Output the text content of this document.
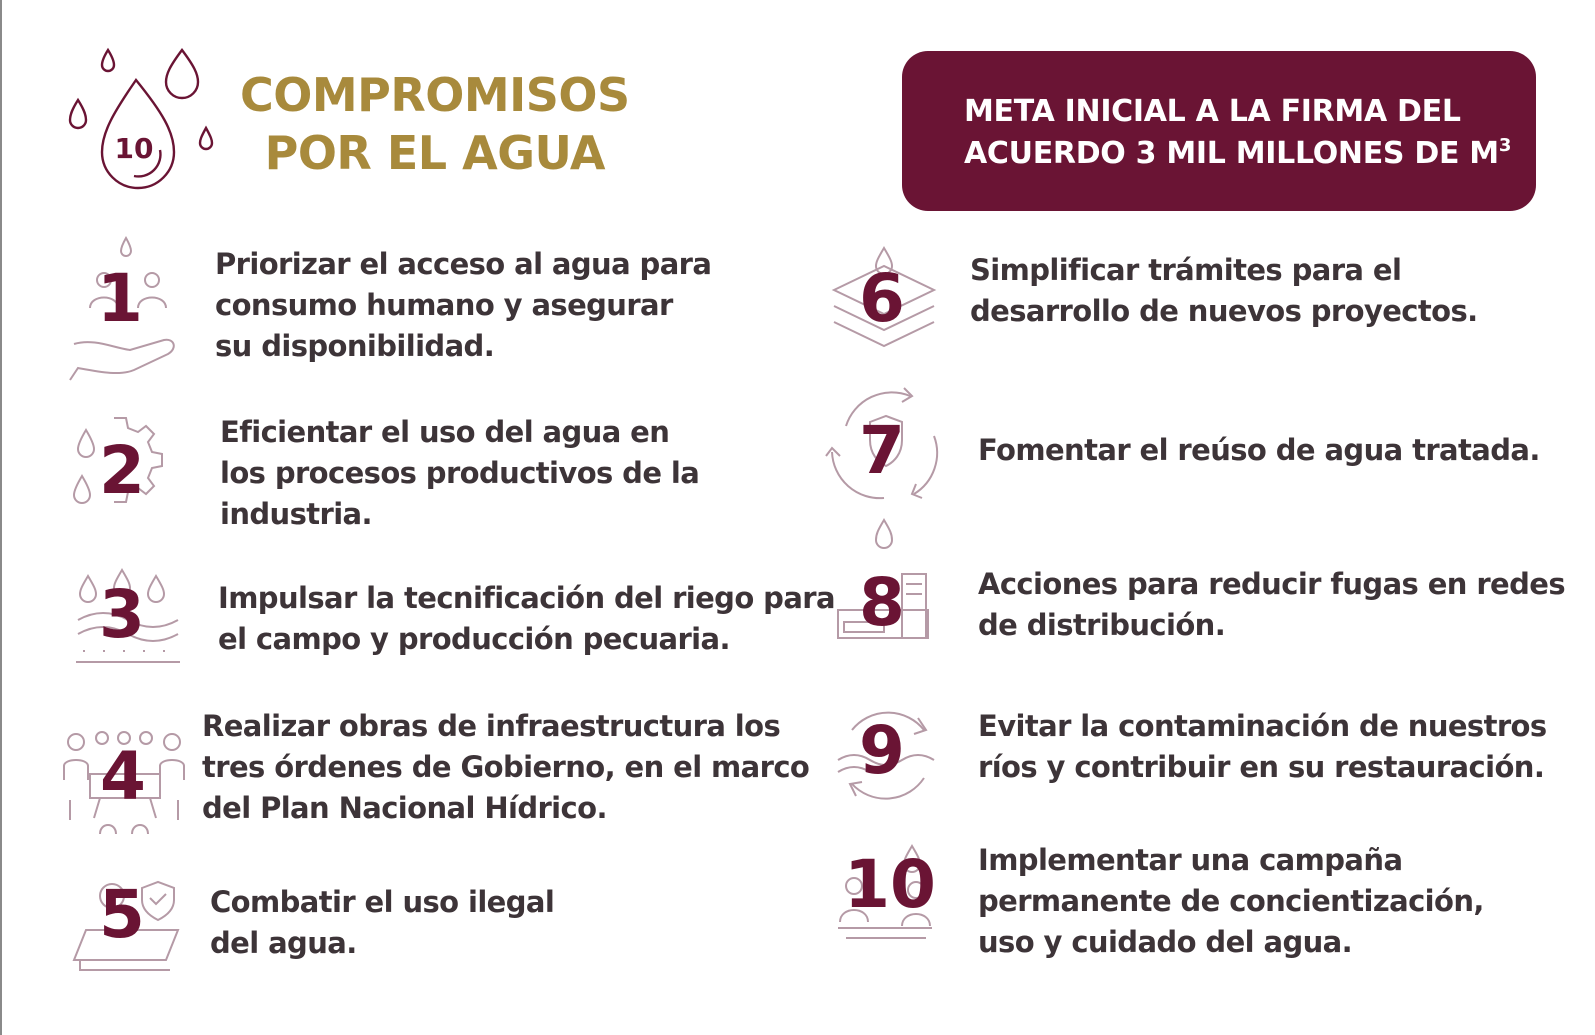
10
COMPROMISOS
POR EL AGUA
META INICIAL A LA FIRMA DEL
ACUERDO 3 MIL MILLONES DE $M^3$
1	Priorizar el acceso al agua para
consumo humano y asegurar
su disponibilidad.
2	Eficientar el uso del agua en
los procesos productivos de la
industria.
3	Impulsar la tecnificación del riego para
el campo y producción pecuaria.
4
Realizar obras de infraestructura los
tres órdenes de Gobierno, en el marco
del Plan Nacional Hídrico.
5	Combatir el uso ilegal
del agua.
6	Simplificar trámites para el
desarrollo de nuevos proyectos.
7	Fomentar el reúso de agua tratada.
8	Acciones para reducir fugas en redes
de distribución.
9	Evitar la contaminación de nuestros
ríos y contribuir en su restauración.
10 Implementar una campaña
permanente de concientización,
uso y cuidado del agua.
